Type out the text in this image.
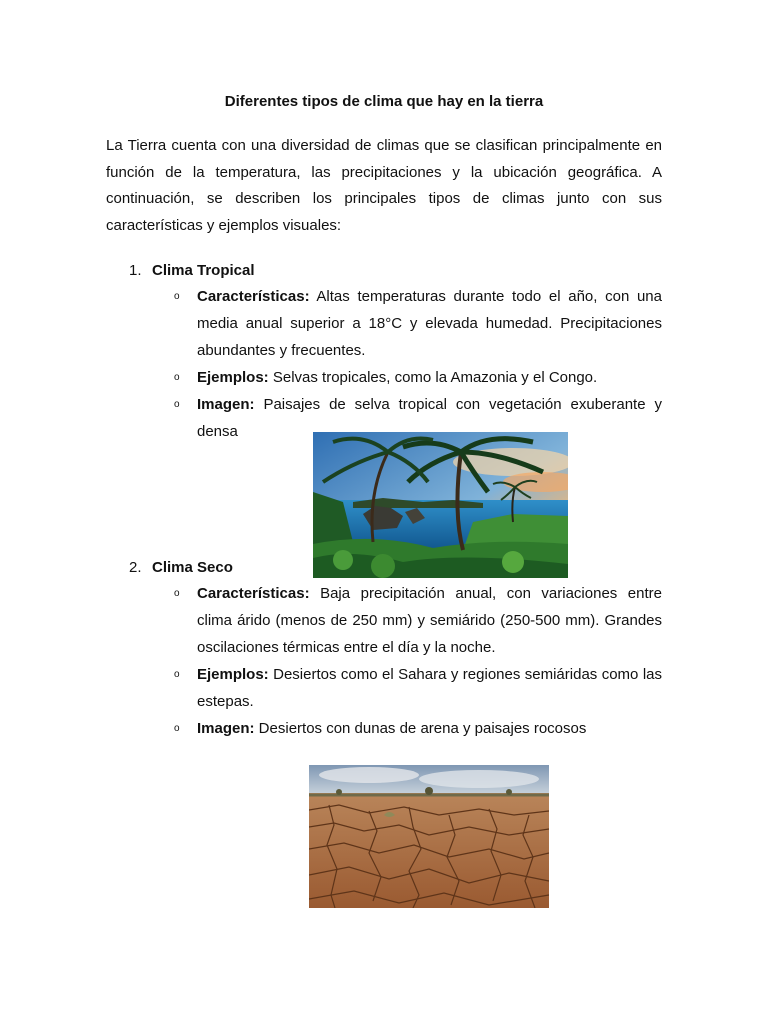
Diferentes tipos de clima que hay en la tierra
La Tierra cuenta con una diversidad de climas que se clasifican principalmente en función de la temperatura, las precipitaciones y la ubicación geográfica. A continuación, se describen los principales tipos de climas junto con sus características y ejemplos visuales:
1. Clima Tropical
o Características: Altas temperaturas durante todo el año, con una media anual superior a 18°C y elevada humedad. Precipitaciones abundantes y frecuentes.
o Ejemplos: Selvas tropicales, como la Amazonia y el Congo.
o Imagen: Paisajes de selva tropical con vegetación exuberante y densa
2. Clima Seco
o Características: Baja precipitación anual, con variaciones entre clima árido (menos de 250 mm) y semiárido (250-500 mm). Grandes oscilaciones térmicas entre el día y la noche.
o Ejemplos: Desiertos como el Sahara y regiones semiáridas como las estepas.
o Imagen: Desiertos con dunas de arena y paisajes rocosos
